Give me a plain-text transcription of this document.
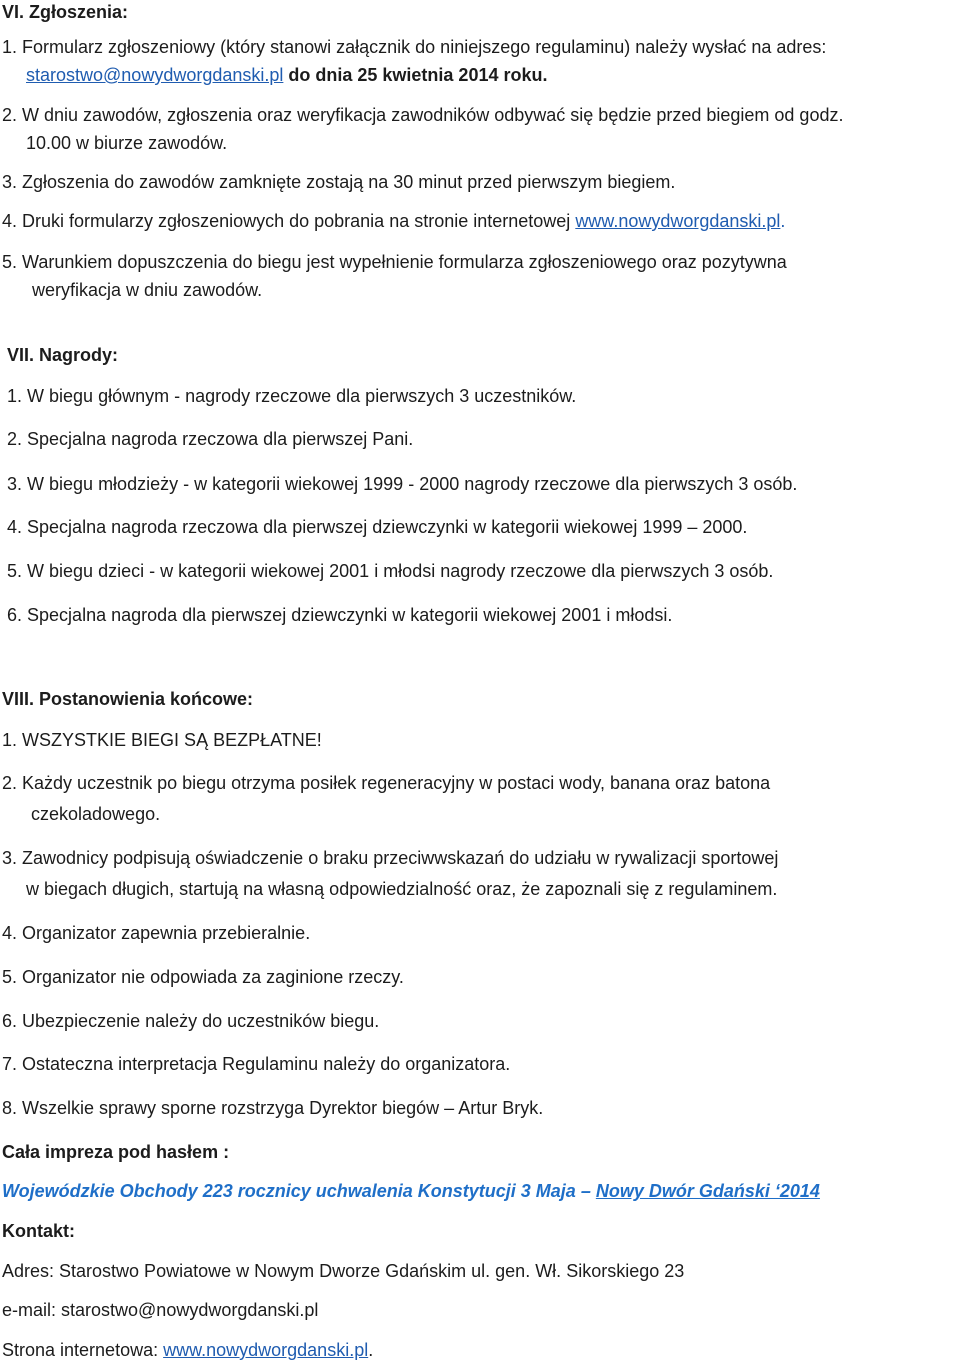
VI. Zgłoszenia:
1. Formularz zgłoszeniowy (który stanowi załącznik do niniejszego regulaminu) należy wysłać na adres:
starostwo@nowydworgdanski.pl do dnia 25 kwietnia 2014 roku.
2. W dniu zawodów, zgłoszenia oraz weryfikacja zawodników odbywać się będzie przed biegiem od godz.
10.00 w biurze zawodów.
3. Zgłoszenia do zawodów zamknięte zostają na 30 minut przed pierwszym biegiem.
4. Druki formularzy zgłoszeniowych do pobrania na stronie internetowej www.nowydworgdanski.pl.
5. Warunkiem dopuszczenia do biegu jest wypełnienie formularza zgłoszeniowego oraz pozytywna
weryfikacja w dniu zawodów.
VII. Nagrody:
1. W biegu głównym - nagrody rzeczowe dla pierwszych 3 uczestników.
2. Specjalna nagroda rzeczowa dla pierwszej Pani.
3. W biegu młodzieży - w kategorii wiekowej 1999 - 2000 nagrody rzeczowe dla pierwszych 3 osób.
4. Specjalna nagroda rzeczowa dla pierwszej dziewczynki w kategorii wiekowej 1999 – 2000.
5. W biegu dzieci - w kategorii wiekowej 2001 i młodsi nagrody rzeczowe dla pierwszych 3 osób.
6. Specjalna nagroda dla pierwszej dziewczynki w kategorii wiekowej 2001 i młodsi.
VIII. Postanowienia końcowe:
1. WSZYSTKIE BIEGI SĄ BEZPŁATNE!
2. Każdy uczestnik po biegu otrzyma posiłek regeneracyjny w postaci wody, banana oraz batona
czekoladowego.
3. Zawodnicy podpisują oświadczenie o braku przeciwwskazań do udziału w rywalizacji sportowej
w biegach długich, startują na własną odpowiedzialność oraz, że zapoznali się z regulaminem.
4. Organizator zapewnia przebieralnie.
5. Organizator nie odpowiada za zaginione rzeczy.
6. Ubezpieczenie należy do uczestników biegu.
7. Ostateczna interpretacja Regulaminu należy do organizatora.
8. Wszelkie sprawy sporne rozstrzyga Dyrektor biegów – Artur Bryk.
Cała impreza pod hasłem :
Wojewódzkie Obchody 223 rocznicy uchwalenia Konstytucji 3 Maja – Nowy Dwór Gdański ‘2014
Kontakt:
Adres: Starostwo Powiatowe w Nowym Dworze Gdańskim ul. gen. Wł. Sikorskiego 23
e-mail: starostwo@nowydworgdanski.pl
Strona internetowa: www.nowydworgdanski.pl.
